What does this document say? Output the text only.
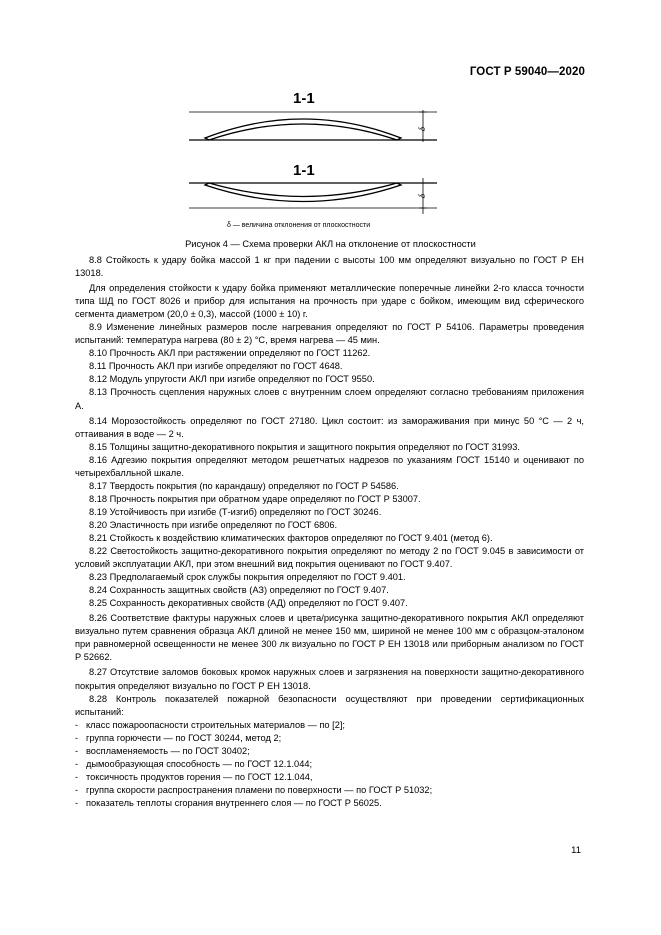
ГОСТ Р 59040—2020
1-1
1-1
δ
δ
δ — величина отклонения от плоскостности
Рисунок 4 — Схема проверки АКЛ на отклонение от плоскостности

8.8 Стойкость к удару бойка массой 1 кг при падении с высоты 100 мм определяют визуально по ГОСТ Р ЕН 13018.

Для определения стойкости к удару бойка применяют металлические поперечные линейки 2-го класса точности типа ШД по ГОСТ 8026 и прибор для испытания на прочность при ударе с бойком, имеющим вид сферического сегмента диаметром (20,0 ± 0,3), массой (1000 ± 10) г.

8.9 Изменение линейных размеров после нагревания определяют по ГОСТ Р 54106. Параметры проведения испытаний: температура нагрева (80 ± 2) °С, время нагрева — 45 мин.

8.10 Прочность АКЛ при растяжении определяют по ГОСТ 11262.

8.11 Прочность АКЛ при изгибе определяют по ГОСТ 4648.

8.12 Модуль упругости АКЛ при изгибе определяют по ГОСТ 9550.

8.13 Прочность сцепления наружных слоев с внутренним слоем определяют согласно требованиям приложения А.

8.14 Морозостойкость определяют по ГОСТ 27180. Цикл состоит: из замораживания при минус 50 °С — 2 ч, оттаивания в воде — 2 ч.

8.15 Толщины защитно-декоративного покрытия и защитного покрытия определяют по ГОСТ 31993.

8.16 Адгезию покрытия определяют методом решетчатых надрезов по указаниям ГОСТ 15140 и оценивают по четырехбалльной шкале.

8.17 Твердость покрытия (по карандашу) определяют по ГОСТ Р 54586.

8.18 Прочность покрытия при обратном ударе определяют по ГОСТ Р 53007.

8.19 Устойчивость при изгибе (Т-изгиб) определяют по ГОСТ 30246.

8.20 Эластичность при изгибе определяют по ГОСТ 6806.

8.21 Стойкость к воздействию климатических факторов определяют по ГОСТ 9.401 (метод 6).

8.22 Светостойкость защитно-декоративного покрытия определяют по методу 2 по ГОСТ 9.045 в зависимости от условий эксплуатации АКЛ, при этом внешний вид покрытия оценивают по ГОСТ 9.407.

8.23 Предполагаемый срок службы покрытия определяют по ГОСТ 9.401.

8.24 Сохранность защитных свойств (АЗ) определяют по ГОСТ 9.407.

8.25 Сохранность декоративных свойств (АД) определяют по ГОСТ 9.407.

8.26 Соответствие фактуры наружных слоев и цвета/рисунка защитно-декоративного покрытия АКЛ определяют визуально путем сравнения образца АКЛ длиной не менее 150 мм, шириной не менее 100 мм с образцом-эталоном при равномерной освещенности не менее 300 лк визуально по ГОСТ Р ЕН 13018 или приборным анализом по ГОСТ Р 52662.

8.27 Отсутствие заломов боковых кромок наружных слоев и загрязнения на поверхности защитно-декоративного покрытия определяют визуально по ГОСТ Р ЕН 13018.

8.28 Контроль показателей пожарной безопасности осуществляют при проведении сертификационных испытаний:

- класс пожароопасности строительных материалов — по [2];
- группа горючести — по ГОСТ 30244, метод 2;
- воспламеняемость — по ГОСТ 30402;
- дымообразующая способность — по ГОСТ 12.1.044;
- токсичность продуктов горения — по ГОСТ 12.1.044,
- группа скорости распространения пламени по поверхности — по ГОСТ Р 51032;
- показатель теплоты сгорания внутреннего слоя — по ГОСТ Р 56025.
11
